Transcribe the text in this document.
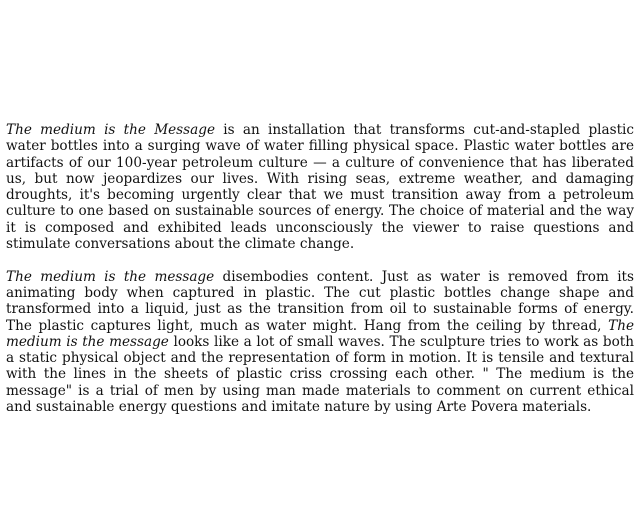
The medium is the Message is an installation that transforms cut-and-stapled plastic water bottles into a surging wave of water filling physical space. Plastic water bottles are artifacts of our 100-year petroleum culture — a culture of convenience that has liberated us, but now jeopardizes our lives. With rising seas, extreme weather, and damaging droughts, it's becoming urgently clear that we must transition away from a petroleum culture to one based on sustainable sources of energy. The choice of material and the way it is composed and exhibited leads unconsciously the viewer to raise questions and stimulate conversations about the climate change.

The medium is the message disembodies content. Just as water is removed from its animating body when captured in plastic. The cut plastic bottles change shape and transformed into a liquid, just as the transition from oil to sustainable forms of energy. The plastic captures light, much as water might. Hang from the ceiling by thread, The medium is the message looks like a lot of small waves. The sculpture tries to work as both a static physical object and the representation of form in motion. It is tensile and textural with the lines in the sheets of plastic criss crossing each other. " The medium is the message" is a trial of men by using man made materials to comment on current ethical and sustainable energy questions and imitate nature by using Arte Povera materials.
